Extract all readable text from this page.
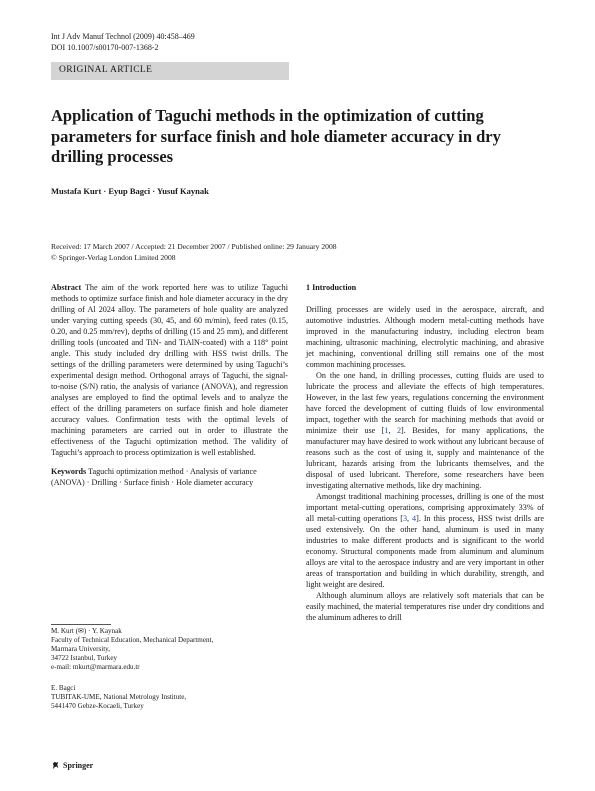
Int J Adv Manuf Technol (2009) 40:458–469
DOI 10.1007/s00170-007-1368-2
ORIGINAL ARTICLE
Application of Taguchi methods in the optimization of cutting parameters for surface finish and hole diameter accuracy in dry drilling processes
Mustafa Kurt · Eyup Bagci · Yusuf Kaynak
Received: 17 March 2007 / Accepted: 21 December 2007 / Published online: 29 January 2008
© Springer-Verlag London Limited 2008

Abstract The aim of the work reported here was to utilize Taguchi methods to optimize surface finish and hole diameter accuracy in the dry drilling of Al 2024 alloy. The parameters of hole quality are analyzed under varying cutting speeds (30, 45, and 60 m/min), feed rates (0.15, 0.20, and 0.25 mm/rev), depths of drilling (15 and 25 mm), and different drilling tools (uncoated and TiN- and TiAlN-coated) with a 118° point angle. This study included dry drilling with HSS twist drills. The settings of the drilling parameters were determined by using Taguchi’s experimental design method. Orthogonal arrays of Taguchi, the signal-to-noise (S/N) ratio, the analysis of variance (ANOVA), and regression analyses are employed to find the optimal levels and to analyze the effect of the drilling parameters on surface finish and hole diameter accuracy values. Confirmation tests with the optimal levels of machining parameters are carried out in order to illustrate the effectiveness of the Taguchi optimization method. The validity of Taguchi’s approach to process optimization is well established.

Keywords Taguchi optimization method · Analysis of variance (ANOVA) · Drilling · Surface finish · Hole diameter accuracy

M. Kurt (✉) · Y. Kaynak
Faculty of Technical Education, Mechanical Department,
Marmara University,
34722 Istanbul, Turkey
e-mail: mkurt@marmara.edu.tr
E. Bagci
TUBITAK-UME, National Metrology Institute,
5441470 Gebze-Kocaeli, Turkey

1 Introduction

Drilling processes are widely used in the aerospace, aircraft, and automotive industries. Although modern metal-cutting methods have improved in the manufacturing industry, including electron beam machining, ultrasonic machining, electrolytic machining, and abrasive jet machining, conventional drilling still remains one of the most common machining processes.

On the one hand, in drilling processes, cutting fluids are used to lubricate the process and alleviate the effects of high temperatures. However, in the last few years, regulations concerning the environment have forced the development of cutting fluids of low environmental impact, together with the search for machining methods that avoid or minimize their use [1, 2]. Besides, for many applications, the manufacturer may have desired to work without any lubricant because of reasons such as the cost of using it, supply and maintenance of the lubricant, hazards arising from the lubricants themselves, and the disposal of used lubricant. Therefore, some researchers have been investigating alternative methods, like dry machining.

Amongst traditional machining processes, drilling is one of the most important metal-cutting operations, comprising approximately 33% of all metal-cutting operations [3, 4]. In this process, HSS twist drills are used extensively. On the other hand, aluminum is used in many industries to make different products and is significant to the world economy. Structural components made from aluminum and aluminum alloys are vital to the aerospace industry and are very important in other areas of transportation and building in which durability, strength, and light weight are desired.

Although aluminum alloys are relatively soft materials that can be easily machined, the material temperatures rise under dry conditions and the aluminum adheres to drill

Springer
